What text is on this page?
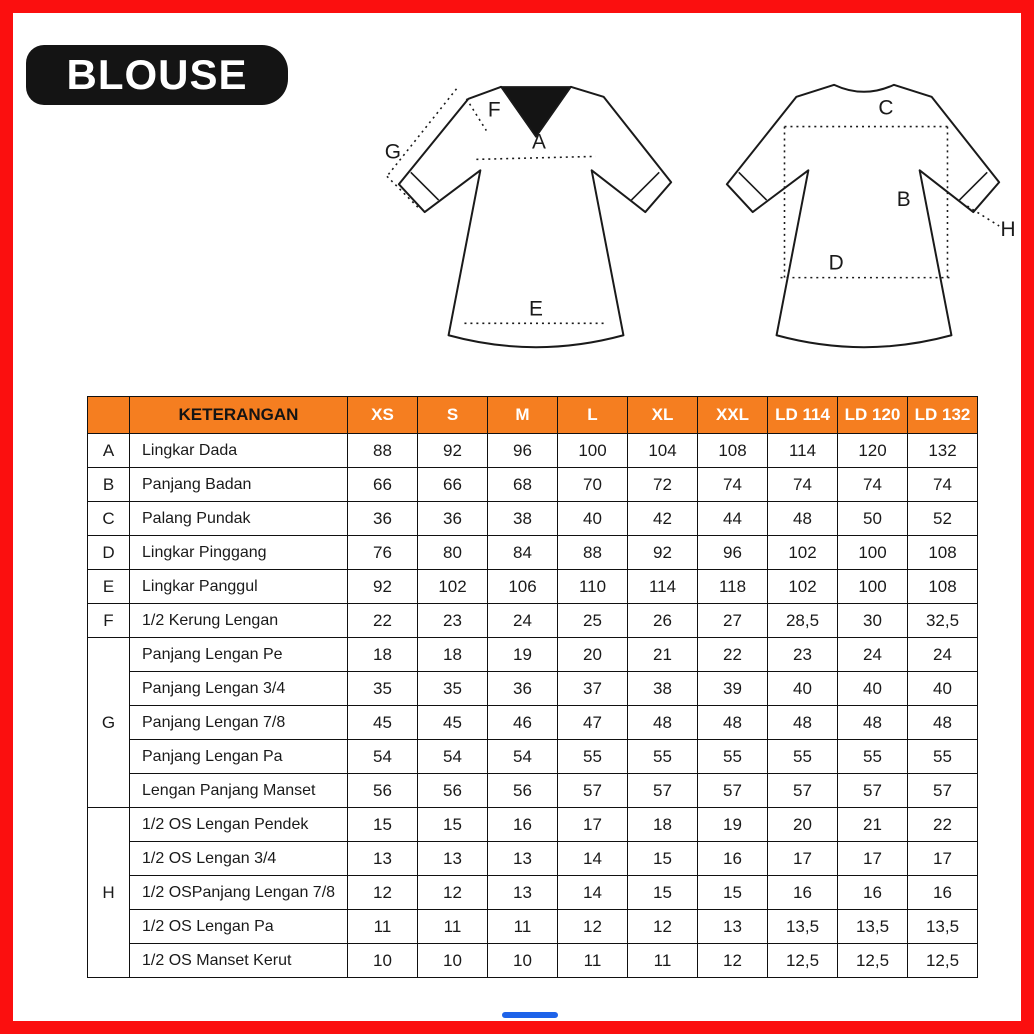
BLOUSE
F
A
G
E
C
B
D
H
	KETERANGAN	XS	S	M	L	XL	XXL	LD 114	LD 120	LD 132
A	Lingkar Dada	88	92	96	100	104	108	114	120	132
B	Panjang Badan	66	66	68	70	72	74	74	74	74
C	Palang Pundak	36	36	38	40	42	44	48	50	52
D	Lingkar Pinggang	76	80	84	88	92	96	102	100	108
E	Lingkar Panggul	92	102	106	110	114	118	102	100	108
F	1/2 Kerung Lengan	22	23	24	25	26	27	28,5	30	32,5
G	Panjang Lengan Pe	18	18	19	20	21	22	23	24	24
	Panjang Lengan 3/4	35	35	36	37	38	39	40	40	40
	Panjang Lengan 7/8	45	45	46	47	48	48	48	48	48
	Panjang Lengan Pa	54	54	54	55	55	55	55	55	55
	Lengan Panjang Manset	56	56	56	57	57	57	57	57	57
H	1/2 OS Lengan Pendek	15	15	16	17	18	19	20	21	22
	1/2 OS Lengan 3/4	13	13	13	14	15	16	17	17	17
	1/2 OSPanjang Lengan 7/8	12	12	13	14	15	15	16	16	16
	1/2 OS Lengan Pa	11	11	11	12	12	13	13,5	13,5	13,5
	1/2 OS Manset Kerut	10	10	10	11	11	12	12,5	12,5	12,5
